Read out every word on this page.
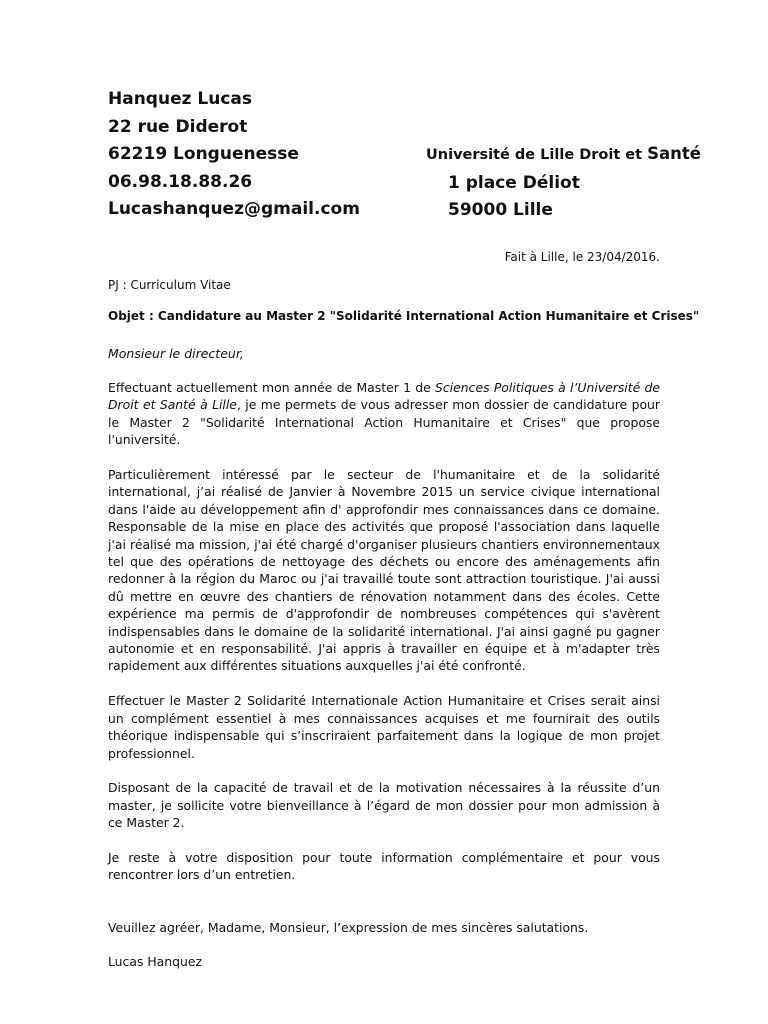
Hanquez Lucas
22 rue Diderot
62219 Longuenesse
06.98.18.88.26
Lucashanquez@gmail.com
Université de Lille Droit et Santé
1 place Déliot
59000 Lille
Fait à Lille, le 23/04/2016.
PJ : Curriculum Vitae
Objet : Candidature au Master 2 "Solidarité International Action Humanitaire et Crises"
Monsieur le directeur,

Effectuant actuellement mon année de Master 1 de Sciences Politiques à l’Université de Droit et Santé à Lille, je me permets de vous adresser mon dossier de candidature pour le Master 2 "Solidarité International Action Humanitaire et Crises" que propose l'université.

Particulièrement intéressé par le secteur de l'humanitaire et de la solidarité international, j’ai réalisé de Janvier à Novembre 2015 un service civique international dans l'aide au développement afin d' approfondir mes connaissances dans ce domaine. Responsable de la mise en place des activités que proposé l'association dans laquelle j'ai réalisé ma mission, j'ai été chargé d'organiser plusieurs chantiers environnementaux tel que des opérations de nettoyage des déchets ou encore des aménagements afin redonner à la région du Maroc ou j'ai travaillé toute sont attraction touristique. J'ai aussi dû mettre en œuvre des chantiers de rénovation notamment dans des écoles. Cette expérience ma permis de d'approfondir de nombreuses compétences qui s'avèrent indispensables dans le domaine de la solidarité international. J'ai ainsi gagné pu gagner autonomie et en responsabilité. J'ai appris à travailler en équipe et à m'adapter très rapidement aux différentes situations auxquelles j'ai été confronté.

Effectuer le Master 2 Solidarité Internationale Action Humanitaire et Crises serait ainsi un complément essentiel à mes connaissances acquises et me fournirait des outils théorique indispensable qui s’inscriraient parfaitement dans la logique de mon projet professionnel.

Disposant de la capacité de travail et de la motivation nécessaires à la réussite d’un master, je sollicite votre bienveillance à l’égard de mon dossier pour mon admission à ce Master 2.

Je reste à votre disposition pour toute information complémentaire et pour vous rencontrer lors d’un entretien.

Veuillez agréer, Madame, Monsieur, l’expression de mes sincères salutations.

Lucas Hanquez
